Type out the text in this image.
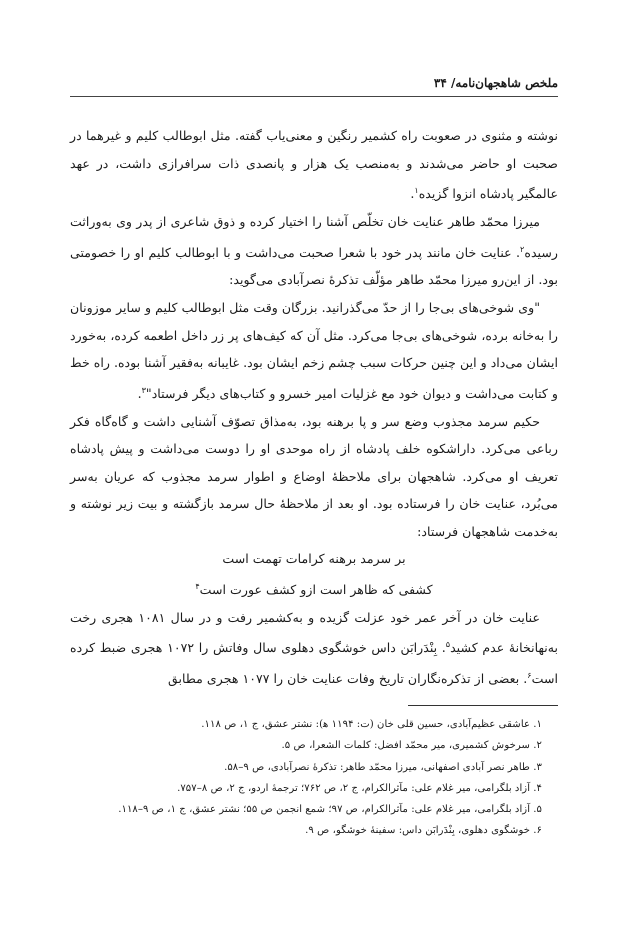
ملخص شاهجهان‌نامه/ ۳۴

نوشته و مثنوی در صعوبت راه کشمیر رنگین و معنی‌یاب گفته. مثل ابوطالب کلیم و غیرهما در صحبت او حاضر می‌شدند و به‌منصب یک هزار و پانصدی ذات سرافرازی داشت، در عهد عالمگیر پادشاه انزوا گزیده$^۱$.

میرزا محمّد طاهر عنایت خان تخلّص آشنا را اختیار کرده و ذوق شاعری از پدر وی به‌وراثت رسیده$^۲$. عنایت خان مانند پدر خود با شعرا صحبت می‌داشت و با ابوطالب کلیم او را خصومتی بود. از این‌رو میرزا محمّد طاهر مؤلّف تذکرهٔ نصرآبادی می‌گوید:

"وی شوخی‌های بی‌جا را از حدّ می‌گذرانید. بزرگان وقت مثل ابوطالب کلیم و سایر موزونان را به‌خانه برده، شوخی‌های بی‌جا می‌کرد. مثل آن که کیف‌های پر زر داخل اطعمه کرده، به‌خورد ایشان می‌داد و این چنین حرکات سبب چشم زخم ایشان بود. غایبانه به‌فقیر آشنا بوده. راه خط و کتابت می‌داشت و دیوان خود مع غزلیات امیر خسرو و کتاب‌های دیگر فرستاد"$^۳$.

حکیم سرمد مجذوب وضع سر و پا برهنه بود، به‌مذاق تصوّف آشنایی داشت و گاه‌گاه فکر رباعی می‌کرد. داراشکوه خلف پادشاه از راه موحدی او را دوست می‌داشت و پیش پادشاه تعریف او می‌کرد. شاهجهان برای ملاحظهٔ اوضاع و اطوار سرمد مجذوب که عریان به‌سر می‌بُرد، عنایت خان را فرستاده بود. او بعد از ملاحظهٔ حال سرمد بازگشته و بیت زیر نوشته و به‌خدمت شاهجهان فرستاد:

بر سرمد برهنه کرامات تهمت است

کشفی که ظاهر است ازو کشف عورت است$^۴$

عنایت خان در آخر عمر خود عزلت گزیده و به‌کشمیر رفت و در سال ۱۰۸۱ هجری رخت به‌نهانخانهٔ عدم کشید$^۵$. بِنْدَرابَن داس خوشگوی دهلوی سال وفاتش را ۱۰۷۲ هجری ضبط کرده است$^۶$. بعضی از تذکره‌نگاران تاریخ وفات عنایت خان را ۱۰۷۷ هجری مطابق

۱. عاشقی عظیم‌آبادی، حسین قلی خان (ت: ۱۱۹۴ ﻫ): نشتر عشق، ج ۱، ص ۱۱۸.
۲. سرخوش کشمیری، میر محمّد افضل: کلمات الشعرا، ص ۵.
۳. طاهر نصر آبادی اصفهانی، میرزا محمّد طاهر: تذکرهٔ نصرآبادی، ص ۹–۵۸.
۴. آزاد بلگرامی، میر غلام علی: مآثرالکرام، ج ۲، ص ۷۶۲؛ ترجمهٔ اردو، ج ۲، ص ۸–۷۵۷.
۵. آزاد بلگرامی، میر غلام علی: مآثرالکرام، ص ۹۷؛ شمع انجمن ص ۵۵؛ نشتر عشق، ج ۱، ص ۹–۱۱۸.
۶. خوشگوی دهلوی، بِنْدَرابَن داس: سفینهٔ خوشگو، ص ۹.
